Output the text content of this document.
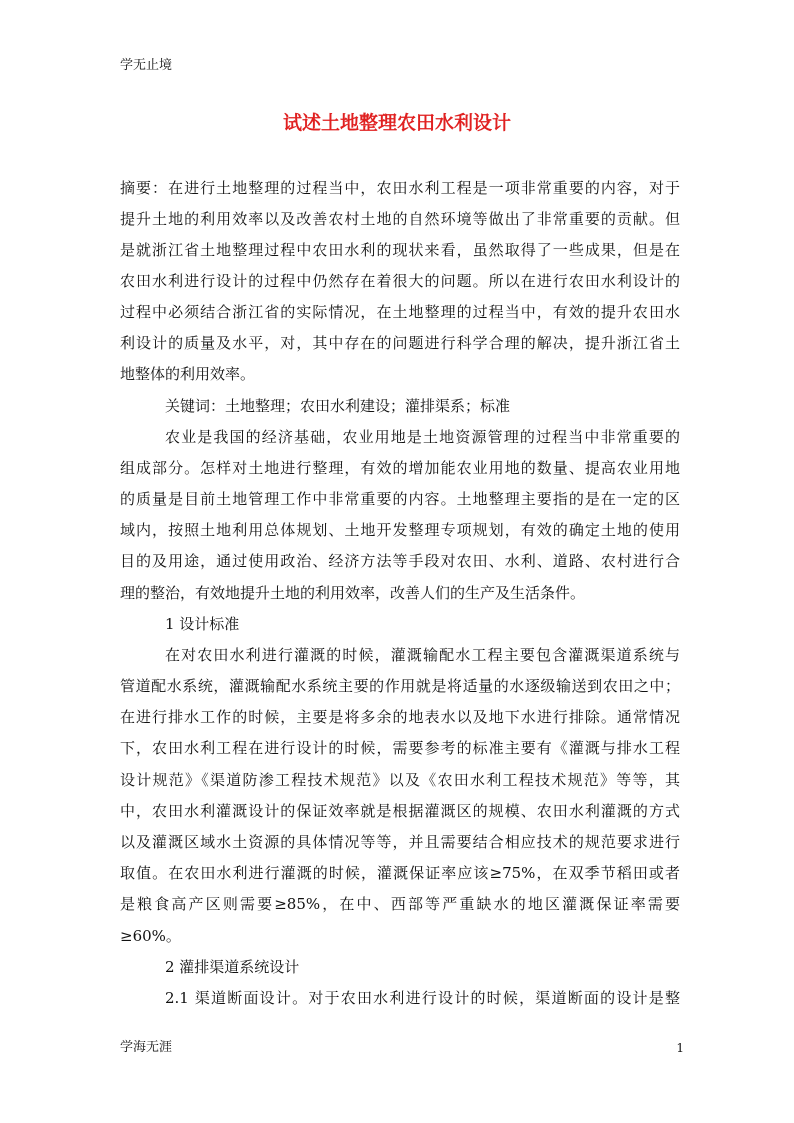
学无止境
试述土地整理农田水利设计
摘要：在进行土地整理的过程当中，农田水利工程是一项非常重要的内容，对于
提升土地的利用效率以及改善农村土地的自然环境等做出了非常重要的贡献。但
是就浙江省土地整理过程中农田水利的现状来看，虽然取得了一些成果，但是在
农田水利进行设计的过程中仍然存在着很大的问题。所以在进行农田水利设计的
过程中必须结合浙江省的实际情况，在土地整理的过程当中，有效的提升农田水
利设计的质量及水平，对，其中存在的问题进行科学合理的解决，提升浙江省土
地整体的利用效率。
关键词：土地整理；农田水利建设；灌排渠系；标准
农业是我国的经济基础，农业用地是土地资源管理的过程当中非常重要的
组成部分。怎样对土地进行整理，有效的增加能农业用地的数量、提高农业用地
的质量是目前土地管理工作中非常重要的内容。土地整理主要指的是在一定的区
域内，按照土地利用总体规划、土地开发整理专项规划，有效的确定土地的使用
目的及用途，通过使用政治、经济方法等手段对农田、水利、道路、农村进行合
理的整治，有效地提升土地的利用效率，改善人们的生产及生活条件。
1 设计标准
在对农田水利进行灌溉的时候，灌溉输配水工程主要包含灌溉渠道系统与
管道配水系统，灌溉输配水系统主要的作用就是将适量的水逐级输送到农田之中；
在进行排水工作的时候，主要是将多余的地表水以及地下水进行排除。通常情况
下，农田水利工程在进行设计的时候，需要参考的标准主要有《灌溉与排水工程
设计规范》《渠道防渗工程技术规范》以及《农田水利工程技术规范》等等，其
中，农田水利灌溉设计的保证效率就是根据灌溉区的规模、农田水利灌溉的方式
以及灌溉区域水土资源的具体情况等等，并且需要结合相应技术的规范要求进行
取值。在农田水利进行灌溉的时候，灌溉保证率应该≥75%，在双季节稻田或者
是粮食高产区则需要≥85%，在中、西部等严重缺水的地区灌溉保证率需要
≥60%。
2 灌排渠道系统设计
2.1 渠道断面设计。对于农田水利进行设计的时候，渠道断面的设计是整
学海无涯	1
